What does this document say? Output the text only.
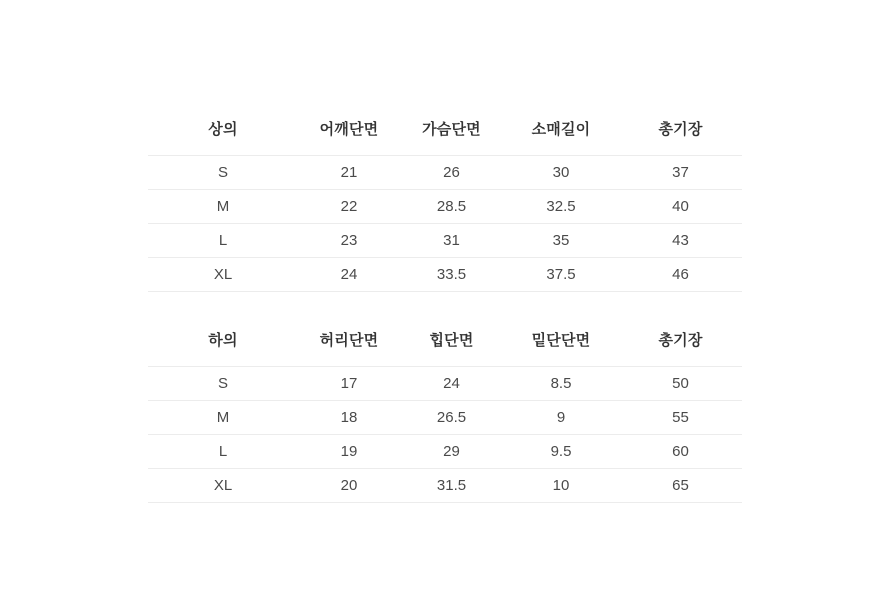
상의	어깨단면	가슴단면	소매길이	총기장
S	21	26	30	37
M	22	28.5	32.5	40
L	23	31	35	43
XL	24	33.5	37.5	46
하의	허리단면	힙단면	밑단단면	총기장
S	17	24	8.5	50
M	18	26.5	9	55
L	19	29	9.5	60
XL	20	31.5	10	65
